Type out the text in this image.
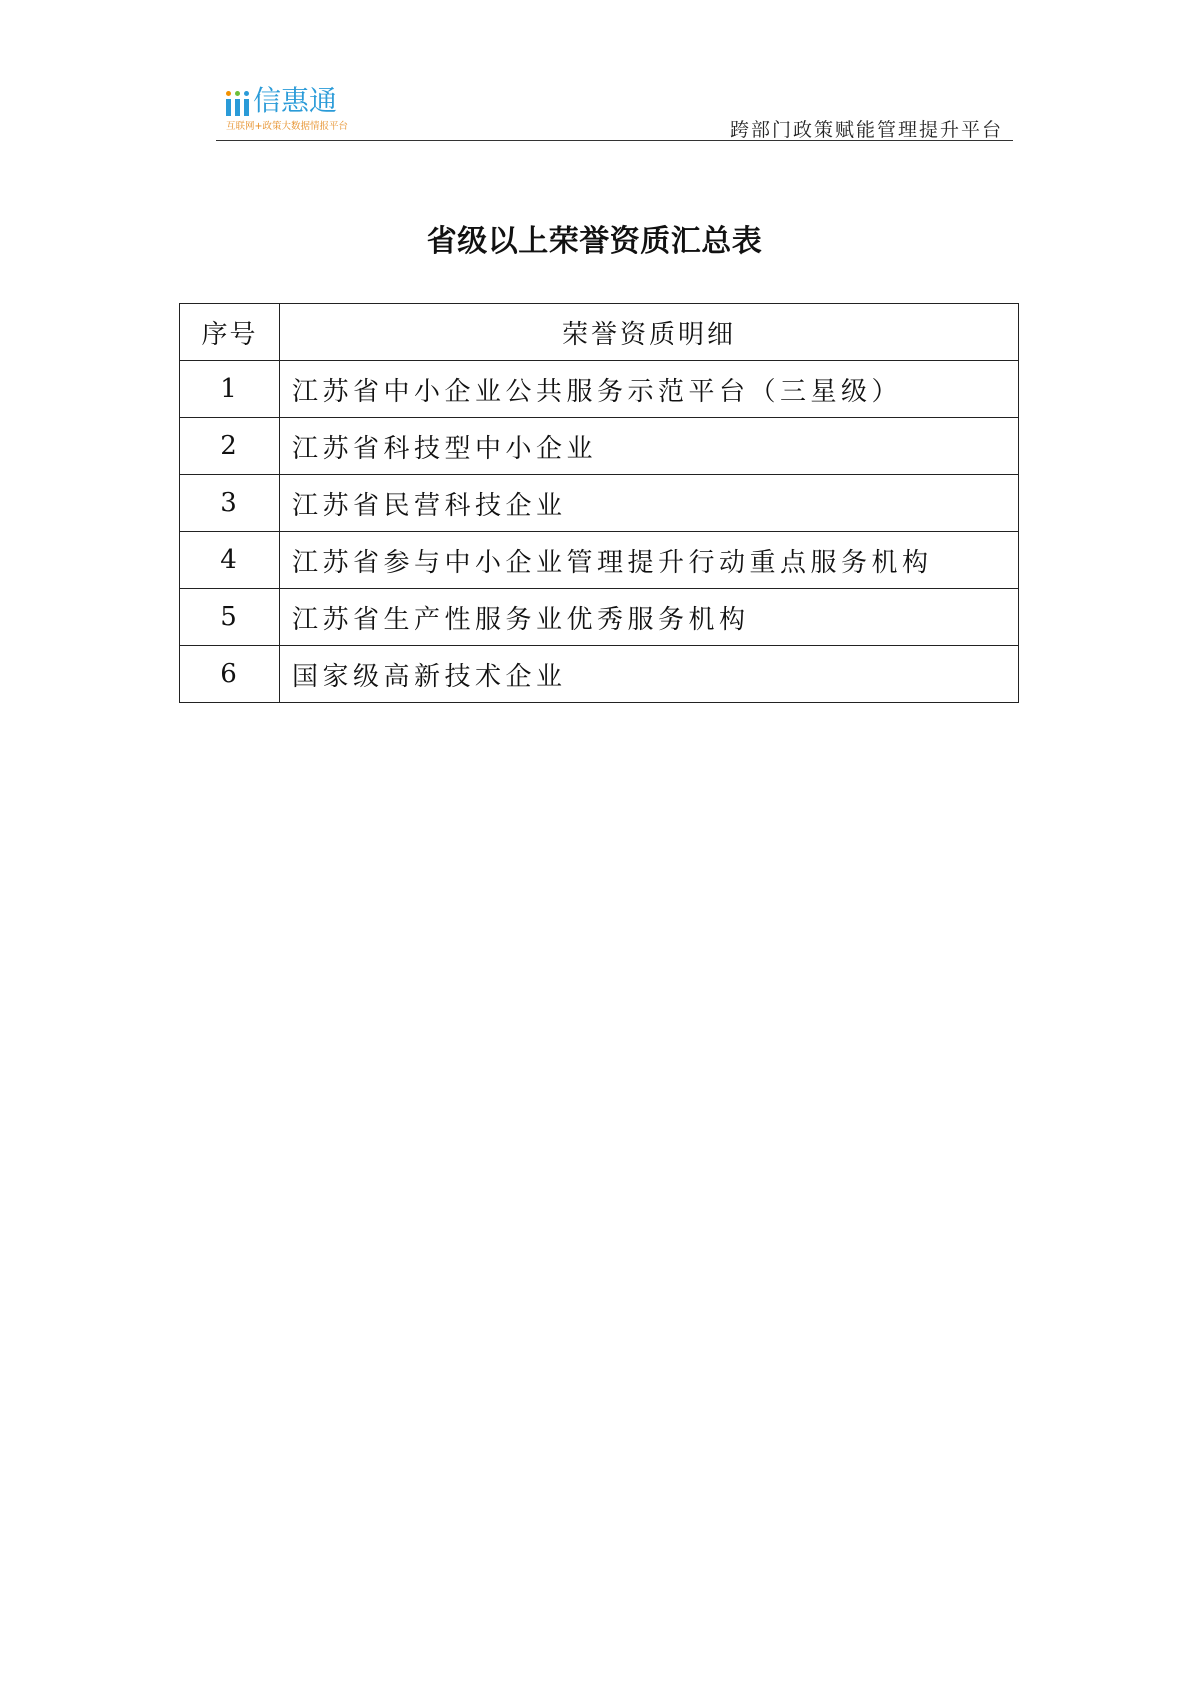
信惠通
互联网+政策大数据情报平台	跨部门政策赋能管理提升平台
省级以上荣誉资质汇总表
序号	荣誉资质明细
1	江苏省中小企业公共服务示范平台（三星级）
2	江苏省科技型中小企业
3	江苏省民营科技企业
4	江苏省参与中小企业管理提升行动重点服务机构
5	江苏省生产性服务业优秀服务机构
6	国家级高新技术企业
